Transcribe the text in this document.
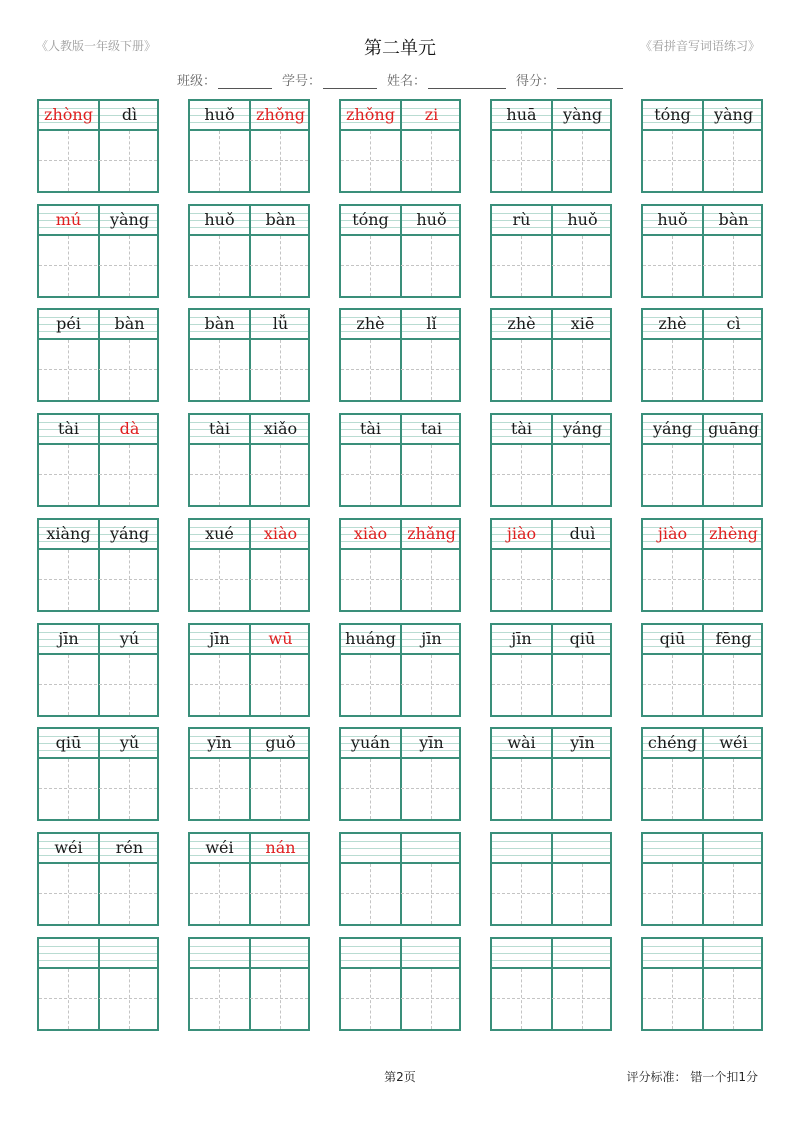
《人教版一年级下册》	第二单元	《看拼音写词语练习》
班级：	学号：	姓名：	得分：
zhòng	dì	huǒ	zhǒng	zhǒng	zi	huā	yàng	tóng	yàng
mú	yàng	huǒ	bàn	tóng	huǒ	rù	huǒ	huǒ	bàn
péi	bàn	bàn	lǚ	zhè	lǐ	zhè	xiē	zhè	cì
tài	dà	tài	xiǎo	tài	tai	tài	yáng	yáng	guāng
xiàng	yáng	xué	xiào	xiào	zhǎng	jiào	duì	jiào	zhèng
jīn	yú	jīn	wū	huáng	jīn	jīn	qiū	qiū	fēng
qiū	yǔ	yīn	guǒ	yuán	yīn	wài	yīn	chéng	wéi
wéi	rén	wéi	nán
第2页	评分标准： 错一个扣1分
